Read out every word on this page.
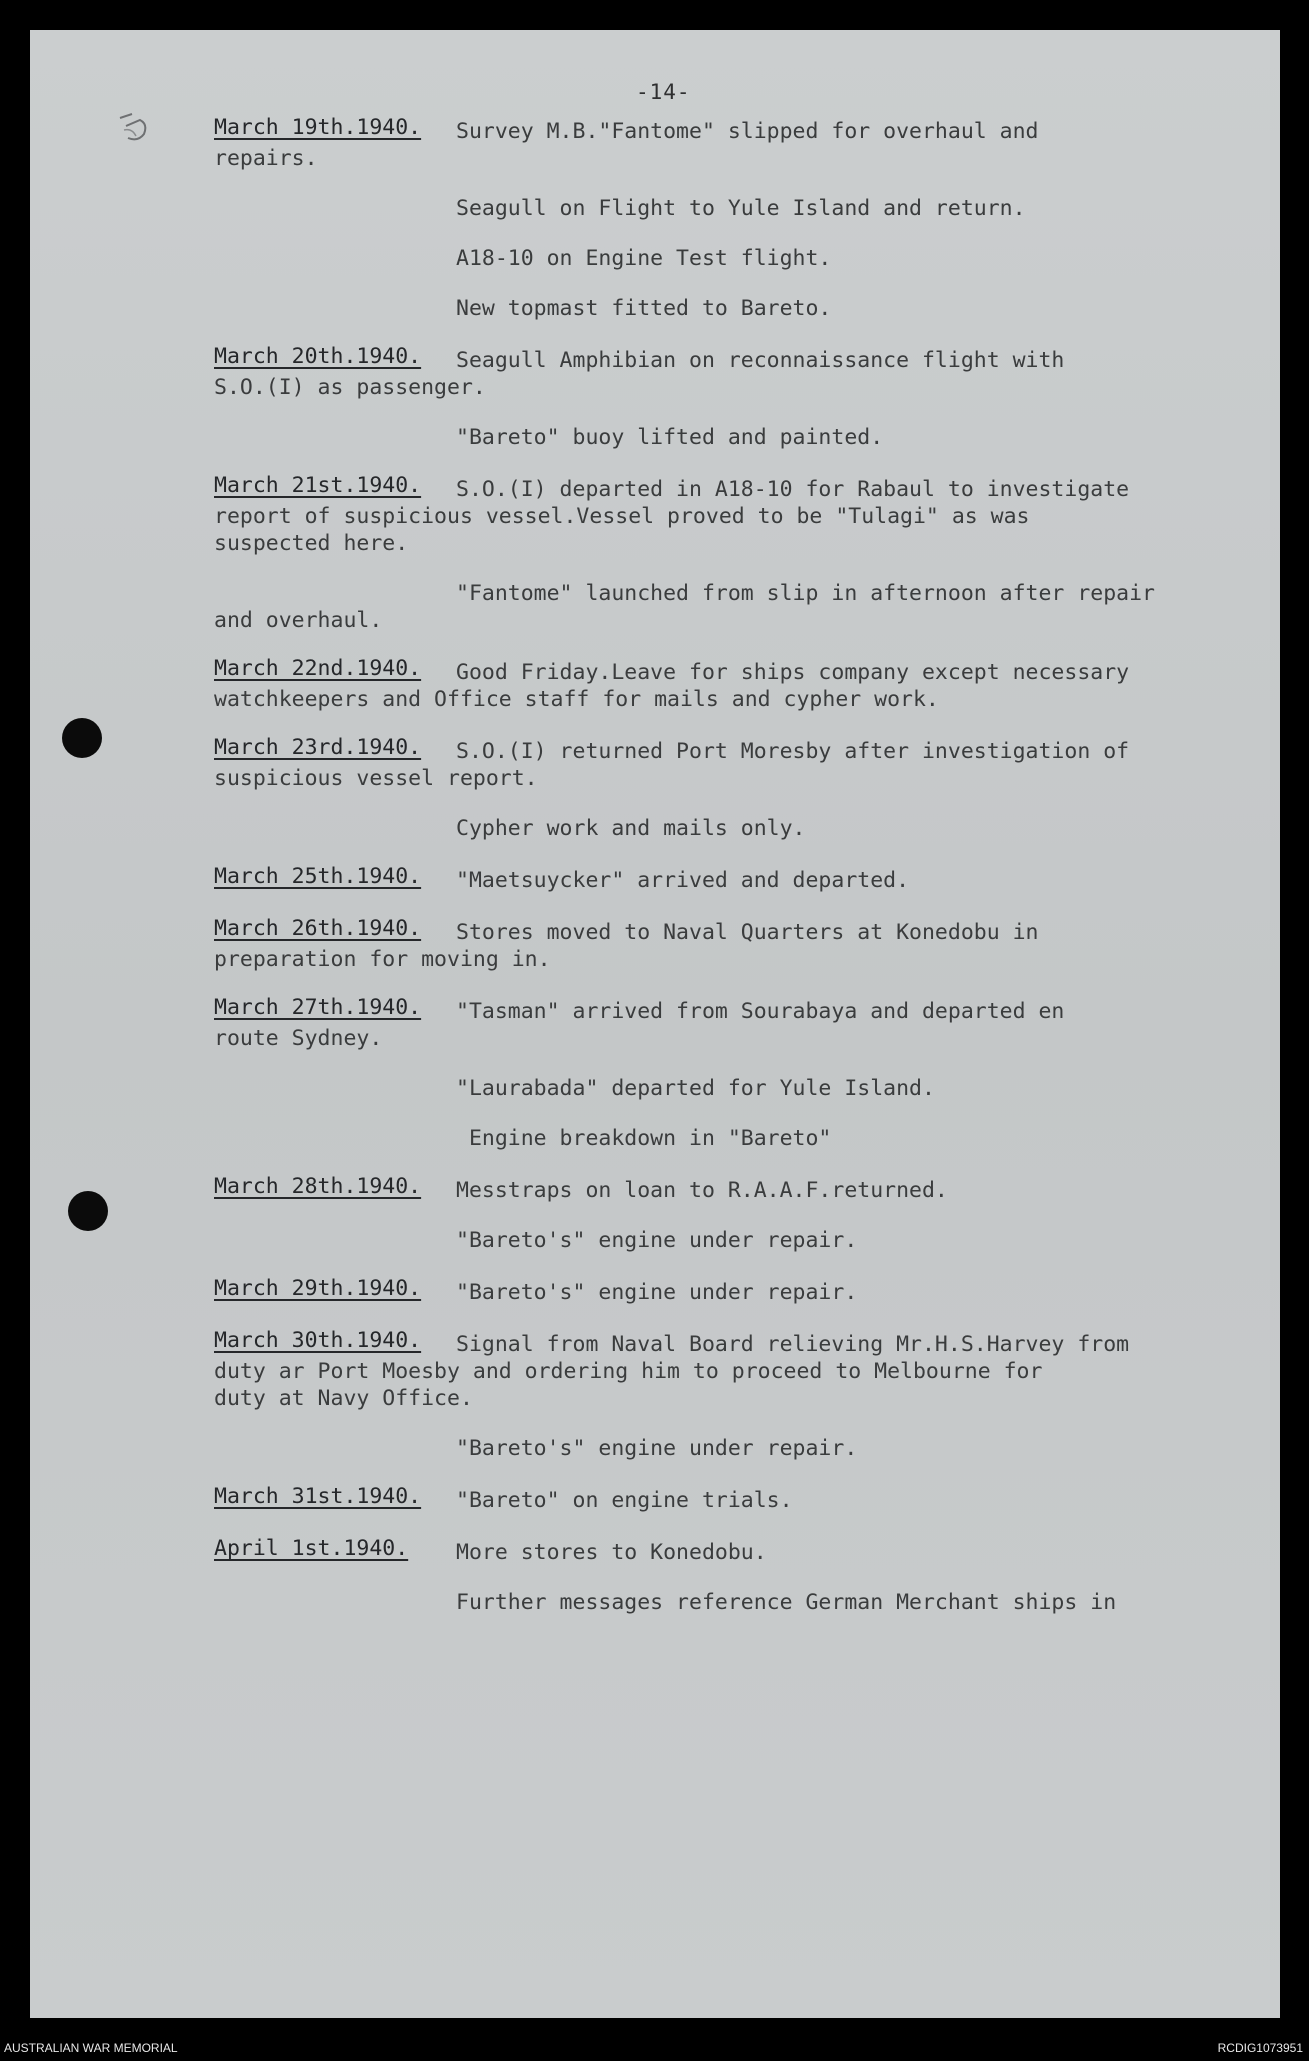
-14-
March 19th.1940. Survey M.B."Fantome" slipped for overhaul and
repairs.
Seagull on Flight to Yule Island and return.
A18-10 on Engine Test flight.
New topmast fitted to Bareto.
March 20th.1940. Seagull Amphibian on reconnaissance flight with
S.O.(I) as passenger.
"Bareto" buoy lifted and painted.
March 21st.1940. S.O.(I) departed in A18-10 for Rabaul to investigate
report of suspicious vessel.Vessel proved to be "Tulagi" as was
suspected here.
"Fantome" launched from slip in afternoon after repair
and overhaul.
March 22nd.1940. Good Friday.Leave for ships company except necessary
watchkeepers and Office staff for mails and cypher work.
March 23rd.1940. S.O.(I) returned Port Moresby after investigation of
suspicious vessel report.
Cypher work and mails only.
March 25th.1940. "Maetsuycker" arrived and departed.
March 26th.1940. Stores moved to Naval Quarters at Konedobu in
preparation for moving in.
March 27th.1940. "Tasman" arrived from Sourabaya and departed en
route Sydney.
"Laurabada" departed for Yule Island.
Engine breakdown in "Bareto"
March 28th.1940. Messtraps on loan to R.A.A.F.returned.
"Bareto's" engine under repair.
March 29th.1940. "Bareto's" engine under repair.
March 30th.1940. Signal from Naval Board relieving Mr.H.S.Harvey from
duty ar Port Moesby and ordering him to proceed to Melbourne for
duty at Navy Office.
"Bareto's" engine under repair.
March 31st.1940. "Bareto" on engine trials.
April 1st.1940. More stores to Konedobu.
Further messages reference German Merchant ships in
AUSTRALIAN WAR MEMORIAL	RCDIG1073951
